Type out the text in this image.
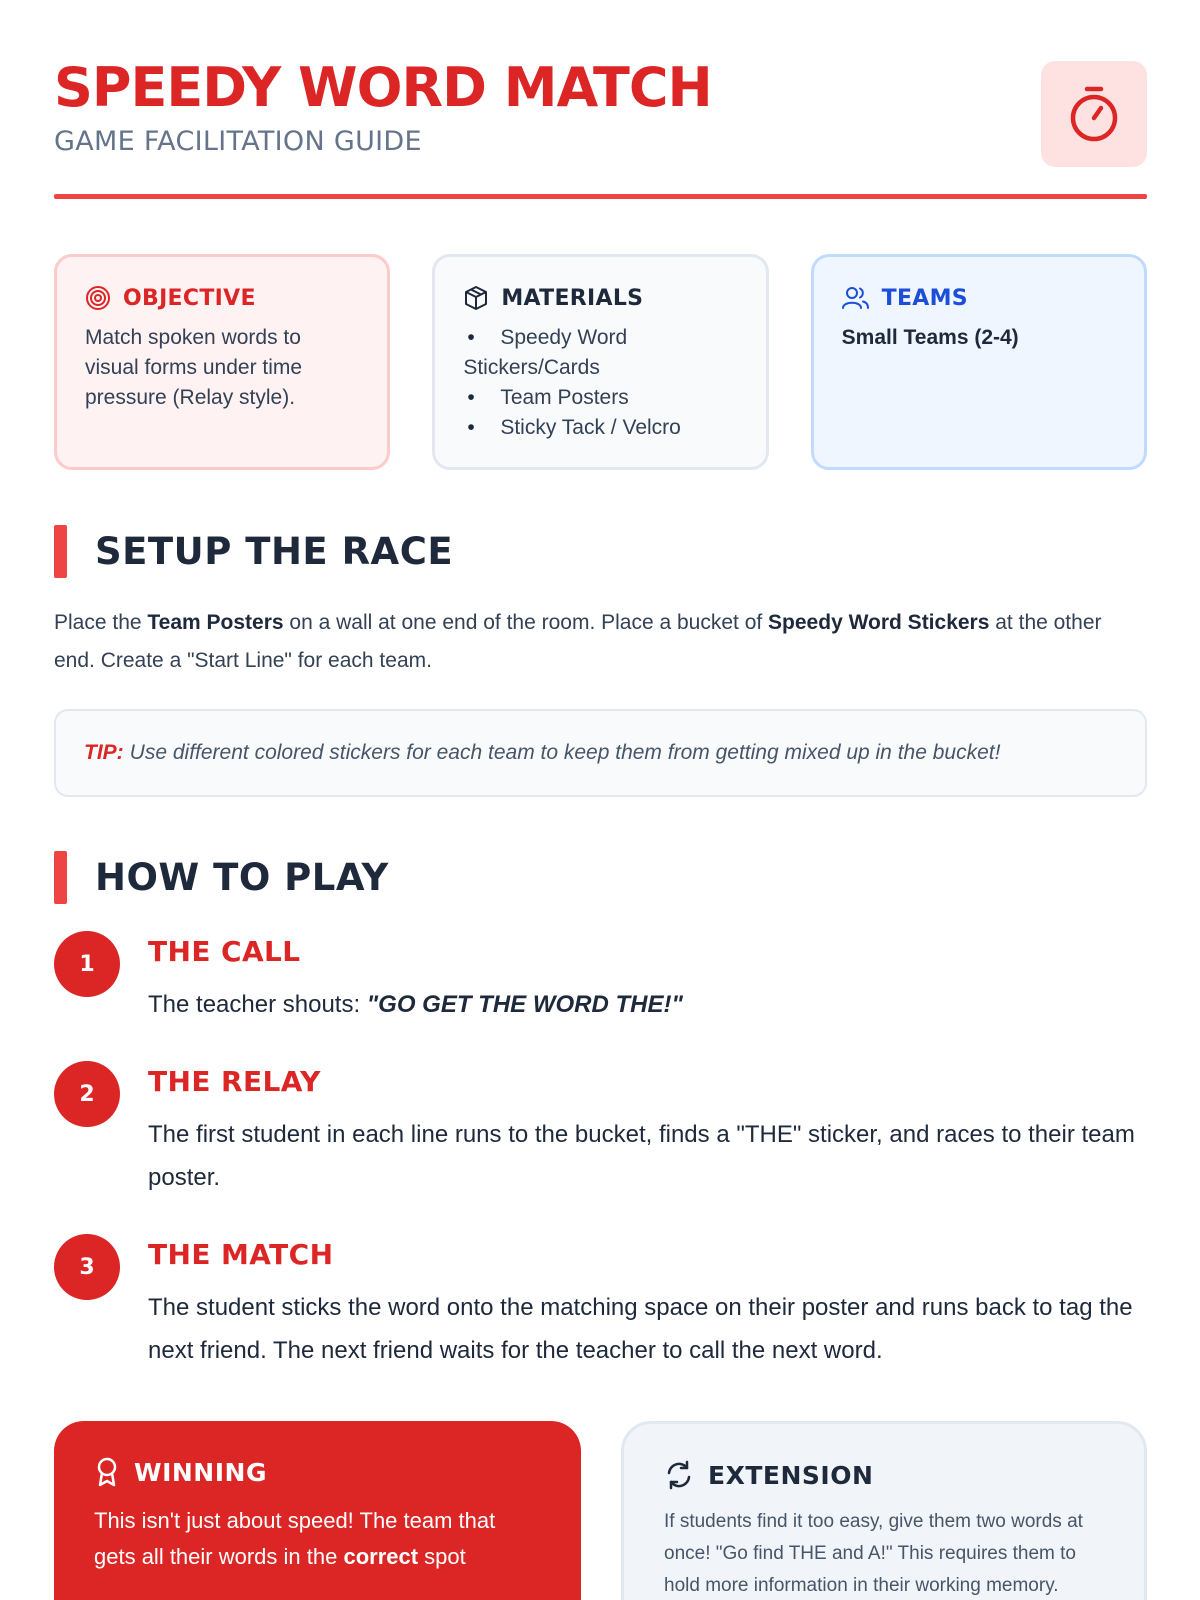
SPEEDY WORD MATCH
GAME FACILITATION GUIDE
OBJECTIVE
Match spoken words to visual forms under time pressure (Relay style).
MATERIALS
• Speedy Word Stickers/Cards
• Team Posters
• Sticky Tack / Velcro
TEAMS
Small Teams (2-4)
SETUP THE RACE
Place the Team Posters on a wall at one end of the room. Place a bucket of Speedy Word Stickers at the other end. Create a "Start Line" for each team.
TIP: Use different colored stickers for each team to keep them from getting mixed up in the bucket!
HOW TO PLAY
1	THE CALL
The teacher shouts: "GO GET THE WORD THE!"
2	THE RELAY
The first student in each line runs to the bucket, finds a "THE" sticker, and races to their team poster.
3	THE MATCH
The student sticks the word onto the matching space on their poster and runs back to tag the next friend. The next friend waits for the teacher to call the next word.
WINNING
This isn't just about speed! The team that gets all their words in the correct spot
EXTENSION
If students find it too easy, give them two words at once! "Go find THE and A!" This requires them to hold more information in their working memory.
